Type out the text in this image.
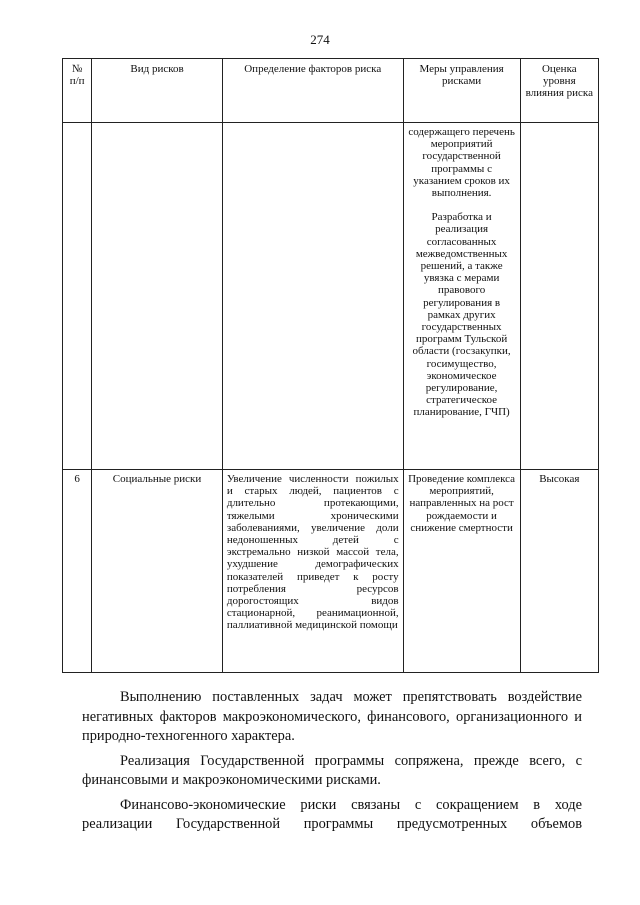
274
№ п/п	Вид рисков	Определение факторов риска	Меры управления рисками	Оценка уровня влияния риска

			содержащего перечень мероприятий государственной программы с указанием сроков их выполнения.
Разработка и реализация согласованных межведомственных решений, а также увязка с мерами правового регулирования в рамках других государственных программ Тульской области (госзакупки, госимущество, экономическое регулирование, стратегическое планирование, ГЧП)	

6	Социальные риски	Увеличение численности пожилых и старых людей, пациентов с длительно протекающими, тяжелыми хроническими заболеваниями, увеличение доли недоношенных детей с экстремально низкой массой тела, ухудшение демографических показателей приведет к росту потребления ресурсов дорогостоящих видов стационарной, реанимационной, паллиативной медицинской помощи	Проведение комплекса мероприятий, направленных на рост рождаемости и снижение смертности	Высокая

Выполнению поставленных задач может препятствовать воздействие негативных факторов макроэкономического, финансового, организационного и природно-техногенного характера.

Реализация Государственной программы сопряжена, прежде всего, с финансовыми и макроэкономическими рисками.

Финансово-экономические риски связаны с сокращением в ходе реализации Государственной программы предусмотренных объемов
